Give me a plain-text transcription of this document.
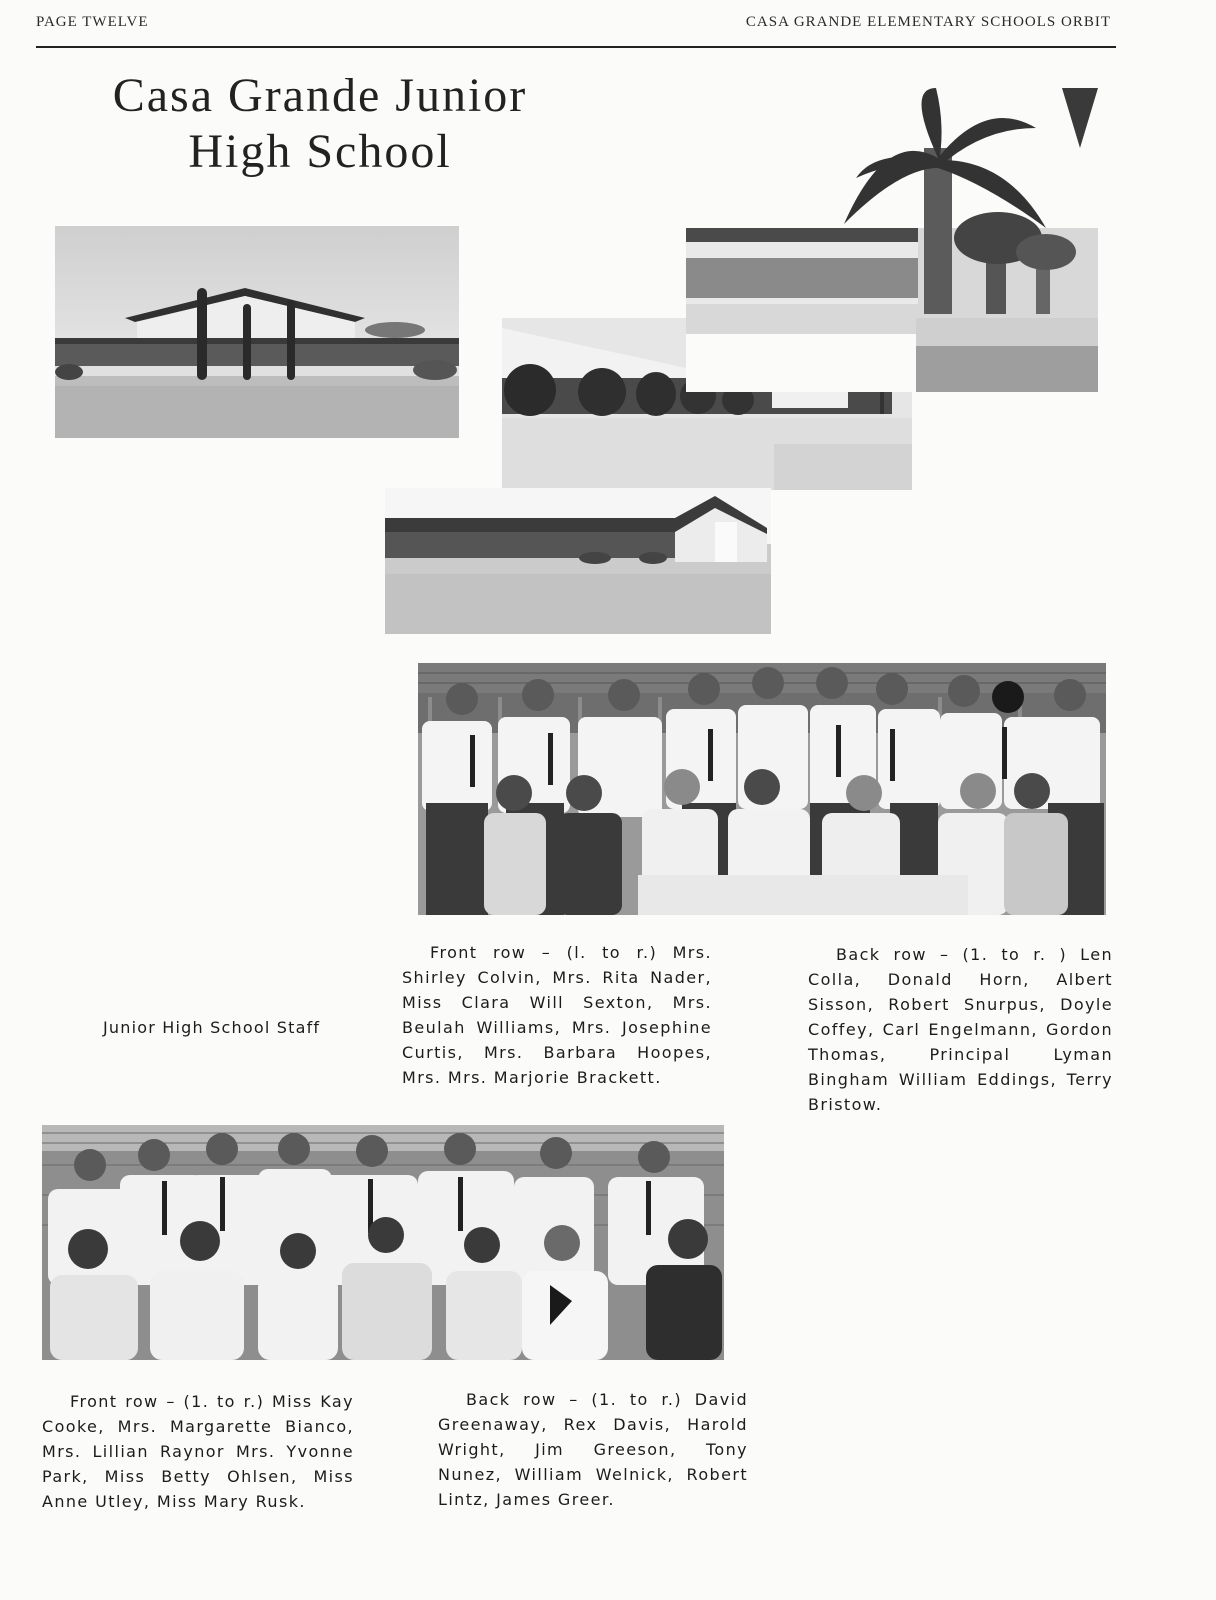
PAGE TWELVE	CASA GRANDE ELEMENTARY SCHOOLS ORBIT
Casa Grande Junior
High School
Junior High School Staff
Front row – (l. to r.) Mrs. Shirley Colvin, Mrs. Rita Nader, Miss Clara Will Sexton, Mrs. Beulah Williams, Mrs. Josephine Curtis, Mrs. Barbara Hoopes, Mrs. Mrs. Marjorie Brackett.
Back row – (1. to r. ) Len Colla, Donald Horn, Albert Sisson, Robert Snurpus, Doyle Coffey, Carl Engelmann, Gordon Thomas, Principal Lyman Bingham William Eddings, Terry Bristow.
Front row – (1. to r.) Miss Kay Cooke, Mrs. Margarette Bianco, Mrs. Lillian Raynor Mrs. Yvonne Park, Miss Betty Ohlsen, Miss Anne Utley, Miss Mary Rusk.
Back row – (1. to r.) David Greenaway, Rex Davis, Harold Wright, Jim Greeson, Tony Nunez, William Welnick, Robert Lintz, James Greer.
